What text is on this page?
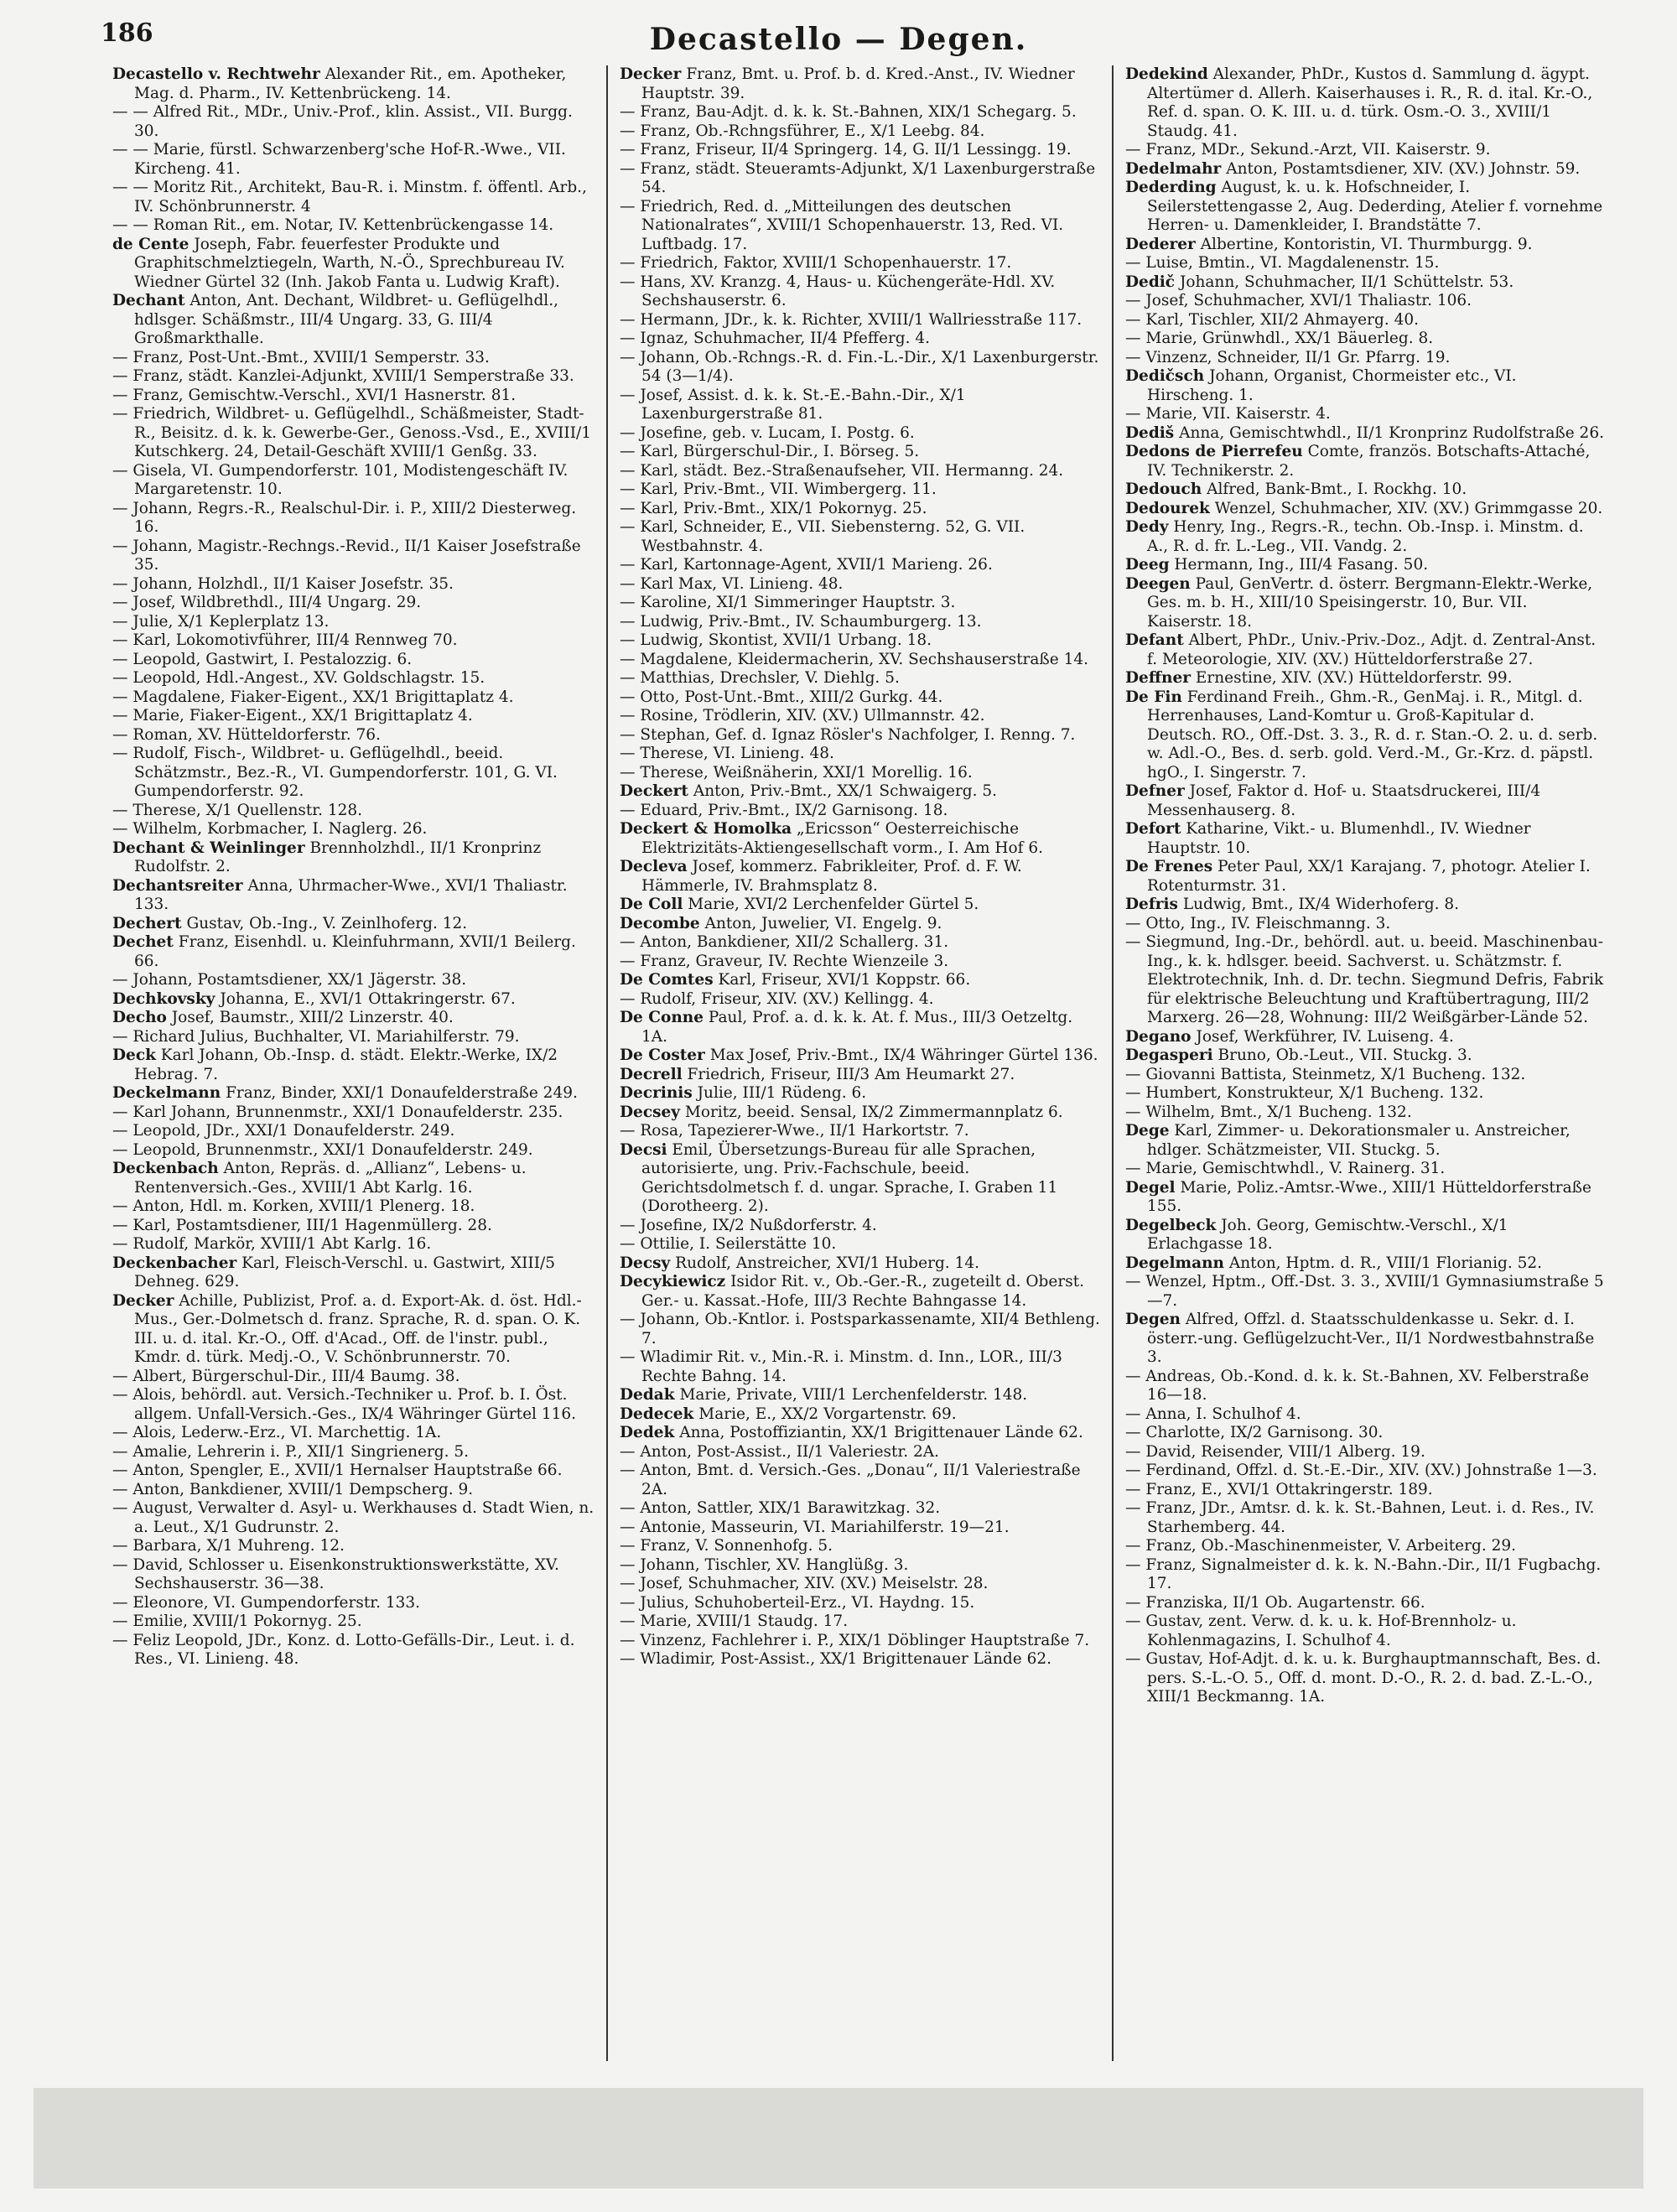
186	Decastello — Degen.

Decastello v. Rechtwehr Alexander Rit., em. Apotheker, Mag. d. Pharm., IV. Kettenbrückeng. 14.

— — Alfred Rit., MDr., Univ.-Prof., klin. Assist., VII. Burgg. 30.

— — Marie, fürstl. Schwarzenberg'sche Hof-R.-Wwe., VII. Kircheng. 41.

— — Moritz Rit., Architekt, Bau-R. i. Minstm. f. öffentl. Arb., IV. Schönbrunnerstr. 4

— — Roman Rit., em. Notar, IV. Kettenbrückengasse 14.

de Cente Joseph, Fabr. feuerfester Produkte und Graphitschmelztiegeln, Warth, N.-Ö., Sprechbureau IV. Wiedner Gürtel 32 (Inh. Jakob Fanta u. Ludwig Kraft).

Dechant Anton, Ant. Dechant, Wildbret- u. Geflügelhdl., hdlsger. Schäßmstr., III/4 Ungarg. 33, G. III/4 Großmarkthalle.

— Franz, Post-Unt.-Bmt., XVIII/1 Semperstr. 33.

— Franz, städt. Kanzlei-Adjunkt, XVIII/1 Semperstraße 33.

— Franz, Gemischtw.-Verschl., XVI/1 Hasnerstr. 81.

— Friedrich, Wildbret- u. Geflügelhdl., Schäßmeister, Stadt-R., Beisitz. d. k. k. Gewerbe-Ger., Genoss.-Vsd., E., XVIII/1 Kutschkerg. 24, Detail-Geschäft XVIII/1 Genßg. 33.

— Gisela, VI. Gumpendorferstr. 101, Modistengeschäft IV. Margaretenstr. 10.

— Johann, Regrs.-R., Realschul-Dir. i. P., XIII/2 Diesterweg. 16.

— Johann, Magistr.-Rechngs.-Revid., II/1 Kaiser Josefstraße 35.

— Johann, Holzhdl., II/1 Kaiser Josefstr. 35.

— Josef, Wildbrethdl., III/4 Ungarg. 29.

— Julie, X/1 Keplerplatz 13.

— Karl, Lokomotivführer, III/4 Rennweg 70.

— Leopold, Gastwirt, I. Pestalozzig. 6.

— Leopold, Hdl.-Angest., XV. Goldschlagstr. 15.

— Magdalene, Fiaker-Eigent., XX/1 Brigittaplatz 4.

— Marie, Fiaker-Eigent., XX/1 Brigittaplatz 4.

— Roman, XV. Hütteldorferstr. 76.

— Rudolf, Fisch-, Wildbret- u. Geflügelhdl., beeid. Schätzmstr., Bez.-R., VI. Gumpendorferstr. 101, G. VI. Gumpendorferstr. 92.

— Therese, X/1 Quellenstr. 128.

— Wilhelm, Korbmacher, I. Naglerg. 26.

Dechant & Weinlinger Brennholzhdl., II/1 Kronprinz Rudolfstr. 2.

Dechantsreiter Anna, Uhrmacher-Wwe., XVI/1 Thaliastr. 133.

Dechert Gustav, Ob.-Ing., V. Zeinlhoferg. 12.

Dechet Franz, Eisenhdl. u. Kleinfuhrmann, XVII/1 Beilerg. 66.

— Johann, Postamtsdiener, XX/1 Jägerstr. 38.

Dechkovsky Johanna, E., XVI/1 Ottakringerstr. 67.

Decho Josef, Baumstr., XIII/2 Linzerstr. 40.

— Richard Julius, Buchhalter, VI. Mariahilferstr. 79.

Deck Karl Johann, Ob.-Insp. d. städt. Elektr.-Werke, IX/2 Hebrag. 7.

Deckelmann Franz, Binder, XXI/1 Donaufelderstraße 249.

— Karl Johann, Brunnenmstr., XXI/1 Donaufelderstr. 235.

— Leopold, JDr., XXI/1 Donaufelderstr. 249.

— Leopold, Brunnenmstr., XXI/1 Donaufelderstr. 249.

Deckenbach Anton, Repräs. d. „Allianz“, Lebens- u. Rentenversich.-Ges., XVIII/1 Abt Karlg. 16.

— Anton, Hdl. m. Korken, XVIII/1 Plenerg. 18.

— Karl, Postamtsdiener, III/1 Hagenmüllerg. 28.

— Rudolf, Markör, XVIII/1 Abt Karlg. 16.

Deckenbacher Karl, Fleisch-Verschl. u. Gastwirt, XIII/5 Dehneg. 629.

Decker Achille, Publizist, Prof. a. d. Export-Ak. d. öst. Hdl.-Mus., Ger.-Dolmetsch d. franz. Sprache, R. d. span. O. K. III. u. d. ital. Kr.-O., Off. d'Acad., Off. de l'instr. publ., Kmdr. d. türk. Medj.-O., V. Schönbrunnerstr. 70.

— Albert, Bürgerschul-Dir., III/4 Baumg. 38.

— Alois, behördl. aut. Versich.-Techniker u. Prof. b. I. Öst. allgem. Unfall-Versich.-Ges., IX/4 Währinger Gürtel 116.

— Alois, Lederw.-Erz., VI. Marchettig. 1A.

— Amalie, Lehrerin i. P., XII/1 Singrienerg. 5.

— Anton, Spengler, E., XVII/1 Hernalser Hauptstraße 66.

— Anton, Bankdiener, XVIII/1 Dempscherg. 9.

— August, Verwalter d. Asyl- u. Werkhauses d. Stadt Wien, n. a. Leut., X/1 Gudrunstr. 2.

— Barbara, X/1 Muhreng. 12.

— David, Schlosser u. Eisenkonstruktionswerkstätte, XV. Sechshauserstr. 36—38.

— Eleonore, VI. Gumpendorferstr. 133.

— Emilie, XVIII/1 Pokornyg. 25.

— Feliz Leopold, JDr., Konz. d. Lotto-Gefälls-Dir., Leut. i. d. Res., VI. Linieng. 48.

Decker Franz, Bmt. u. Prof. b. d. Kred.-Anst., IV. Wiedner Hauptstr. 39.

— Franz, Bau-Adjt. d. k. k. St.-Bahnen, XIX/1 Schegarg. 5.

— Franz, Ob.-Rchngsführer, E., X/1 Leebg. 84.

— Franz, Friseur, II/4 Springerg. 14, G. II/1 Lessingg. 19.

— Franz, städt. Steueramts-Adjunkt, X/1 Laxenburgerstraße 54.

— Friedrich, Red. d. „Mitteilungen des deutschen Nationalrates“, XVIII/1 Schopenhauerstr. 13, Red. VI. Luftbadg. 17.

— Friedrich, Faktor, XVIII/1 Schopenhauerstr. 17.

— Hans, XV. Kranzg. 4, Haus- u. Küchengeräte-Hdl. XV. Sechshauserstr. 6.

— Hermann, JDr., k. k. Richter, XVIII/1 Wallriesstraße 117.

— Ignaz, Schuhmacher, II/4 Pfefferg. 4.

— Johann, Ob.-Rchngs.-R. d. Fin.-L.-Dir., X/1 Laxenburgerstr. 54 (3—1/4).

— Josef, Assist. d. k. k. St.-E.-Bahn.-Dir., X/1 Laxenburgerstraße 81.

— Josefine, geb. v. Lucam, I. Postg. 6.

— Karl, Bürgerschul-Dir., I. Börseg. 5.

— Karl, städt. Bez.-Straßenaufseher, VII. Hermanng. 24.

— Karl, Priv.-Bmt., VII. Wimbergerg. 11.

— Karl, Priv.-Bmt., XIX/1 Pokornyg. 25.

— Karl, Schneider, E., VII. Siebensterng. 52, G. VII. Westbahnstr. 4.

— Karl, Kartonnage-Agent, XVII/1 Marieng. 26.

— Karl Max, VI. Linieng. 48.

— Karoline, XI/1 Simmeringer Hauptstr. 3.

— Ludwig, Priv.-Bmt., IV. Schaumburgerg. 13.

— Ludwig, Skontist, XVII/1 Urbang. 18.

— Magdalene, Kleidermacherin, XV. Sechshauserstraße 14.

— Matthias, Drechsler, V. Diehlg. 5.

— Otto, Post-Unt.-Bmt., XIII/2 Gurkg. 44.

— Rosine, Trödlerin, XIV. (XV.) Ullmannstr. 42.

— Stephan, Gef. d. Ignaz Rösler's Nachfolger, I. Renng. 7.

— Therese, VI. Linieng. 48.

— Therese, Weißnäherin, XXI/1 Morellig. 16.

Deckert Anton, Priv.-Bmt., XX/1 Schwaigerg. 5.

— Eduard, Priv.-Bmt., IX/2 Garnisong. 18.

Deckert & Homolka „Ericsson“ Oesterreichische Elektrizitäts-Aktiengesellschaft vorm., I. Am Hof 6.

Decleva Josef, kommerz. Fabrikleiter, Prof. d. F. W. Hämmerle, IV. Brahmsplatz 8.

De Coll Marie, XVI/2 Lerchenfelder Gürtel 5.

Decombe Anton, Juwelier, VI. Engelg. 9.

— Anton, Bankdiener, XII/2 Schallerg. 31.

— Franz, Graveur, IV. Rechte Wienzeile 3.

De Comtes Karl, Friseur, XVI/1 Koppstr. 66.

— Rudolf, Friseur, XIV. (XV.) Kellingg. 4.

De Conne Paul, Prof. a. d. k. k. At. f. Mus., III/3 Oetzeltg. 1A.

De Coster Max Josef, Priv.-Bmt., IX/4 Währinger Gürtel 136.

Decrell Friedrich, Friseur, III/3 Am Heumarkt 27.

Decrinis Julie, III/1 Rüdeng. 6.

Decsey Moritz, beeid. Sensal, IX/2 Zimmermannplatz 6.

— Rosa, Tapezierer-Wwe., II/1 Harkortstr. 7.

Decsi Emil, Übersetzungs-Bureau für alle Sprachen, autorisierte, ung. Priv.-Fachschule, beeid. Gerichtsdolmetsch f. d. ungar. Sprache, I. Graben 11 (Dorotheerg. 2).

— Josefine, IX/2 Nußdorferstr. 4.

— Ottilie, I. Seilerstätte 10.

Decsy Rudolf, Anstreicher, XVI/1 Huberg. 14.

Decykiewicz Isidor Rit. v., Ob.-Ger.-R., zugeteilt d. Oberst. Ger.- u. Kassat.-Hofe, III/3 Rechte Bahngasse 14.

— Johann, Ob.-Kntlor. i. Postsparkassenamte, XII/4 Bethleng. 7.

— Wladimir Rit. v., Min.-R. i. Minstm. d. Inn., LOR., III/3 Rechte Bahng. 14.

Dedak Marie, Private, VIII/1 Lerchenfelderstr. 148.

Dedecek Marie, E., XX/2 Vorgartenstr. 69.

Dedek Anna, Postoffiziantin, XX/1 Brigittenauer Lände 62.

— Anton, Post-Assist., II/1 Valeriestr. 2A.

— Anton, Bmt. d. Versich.-Ges. „Donau“, II/1 Valeriestraße 2A.

— Anton, Sattler, XIX/1 Barawitzkag. 32.

— Antonie, Masseurin, VI. Mariahilferstr. 19—21.

— Franz, V. Sonnenhofg. 5.

— Johann, Tischler, XV. Hanglüßg. 3.

— Josef, Schuhmacher, XIV. (XV.) Meiselstr. 28.

— Julius, Schuhoberteil-Erz., VI. Haydng. 15.

— Marie, XVIII/1 Staudg. 17.

— Vinzenz, Fachlehrer i. P., XIX/1 Döblinger Hauptstraße 7.

— Wladimir, Post-Assist., XX/1 Brigittenauer Lände 62.

Dedekind Alexander, PhDr., Kustos d. Sammlung d. ägypt. Altertümer d. Allerh. Kaiserhauses i. R., R. d. ital. Kr.-O., Ref. d. span. O. K. III. u. d. türk. Osm.-O. 3., XVIII/1 Staudg. 41.

— Franz, MDr., Sekund.-Arzt, VII. Kaiserstr. 9.

Dedelmahr Anton, Postamtsdiener, XIV. (XV.) Johnstr. 59.

Dederding August, k. u. k. Hofschneider, I. Seilerstettengasse 2, Aug. Dederding, Atelier f. vornehme Herren- u. Damenkleider, I. Brandstätte 7.

Dederer Albertine, Kontoristin, VI. Thurmburgg. 9.

— Luise, Bmtin., VI. Magdalenenstr. 15.

Dedič Johann, Schuhmacher, II/1 Schüttelstr. 53.

— Josef, Schuhmacher, XVI/1 Thaliastr. 106.

— Karl, Tischler, XII/2 Ahmayerg. 40.

— Marie, Grünwhdl., XX/1 Bäuerleg. 8.

— Vinzenz, Schneider, II/1 Gr. Pfarrg. 19.

Dedičsch Johann, Organist, Chormeister etc., VI. Hirscheng. 1.

— Marie, VII. Kaiserstr. 4.

Dediš Anna, Gemischtwhdl., II/1 Kronprinz Rudolfstraße 26.

Dedons de Pierrefeu Comte, französ. Botschafts-Attaché, IV. Technikerstr. 2.

Dedouch Alfred, Bank-Bmt., I. Rockhg. 10.

Dedourek Wenzel, Schuhmacher, XIV. (XV.) Grimmgasse 20.

Dedy Henry, Ing., Regrs.-R., techn. Ob.-Insp. i. Minstm. d. A., R. d. fr. L.-Leg., VII. Vandg. 2.

Deeg Hermann, Ing., III/4 Fasang. 50.

Deegen Paul, GenVertr. d. österr. Bergmann-Elektr.-Werke, Ges. m. b. H., XIII/10 Speisingerstr. 10, Bur. VII. Kaiserstr. 18.

Defant Albert, PhDr., Univ.-Priv.-Doz., Adjt. d. Zentral-Anst. f. Meteorologie, XIV. (XV.) Hütteldorferstraße 27.

Deffner Ernestine, XIV. (XV.) Hütteldorferstr. 99.

De Fin Ferdinand Freih., Ghm.-R., GenMaj. i. R., Mitgl. d. Herrenhauses, Land-Komtur u. Groß-Kapitular d. Deutsch. RO., Off.-Dst. 3. 3., R. d. r. Stan.-O. 2. u. d. serb. w. Adl.-O., Bes. d. serb. gold. Verd.-M., Gr.-Krz. d. päpstl. hgO., I. Singerstr. 7.

Defner Josef, Faktor d. Hof- u. Staatsdruckerei, III/4 Messenhauserg. 8.

Defort Katharine, Vikt.- u. Blumenhdl., IV. Wiedner Hauptstr. 10.

De Frenes Peter Paul, XX/1 Karajang. 7, photogr. Atelier I. Rotenturmstr. 31.

Defris Ludwig, Bmt., IX/4 Widerhoferg. 8.

— Otto, Ing., IV. Fleischmanng. 3.

— Siegmund, Ing.-Dr., behördl. aut. u. beeid. Maschinenbau-Ing., k. k. hdlsger. beeid. Sachverst. u. Schätzmstr. f. Elektrotechnik, Inh. d. Dr. techn. Siegmund Defris, Fabrik für elektrische Beleuchtung und Kraftübertragung, III/2 Marxerg. 26—28, Wohnung: III/2 Weißgärber-Lände 52.

Degano Josef, Werkführer, IV. Luiseng. 4.

Degasperi Bruno, Ob.-Leut., VII. Stuckg. 3.

— Giovanni Battista, Steinmetz, X/1 Bucheng. 132.

— Humbert, Konstrukteur, X/1 Bucheng. 132.

— Wilhelm, Bmt., X/1 Bucheng. 132.

Dege Karl, Zimmer- u. Dekorationsmaler u. Anstreicher, hdlger. Schätzmeister, VII. Stuckg. 5.

— Marie, Gemischtwhdl., V. Rainerg. 31.

Degel Marie, Poliz.-Amtsr.-Wwe., XIII/1 Hütteldorferstraße 155.

Degelbeck Joh. Georg, Gemischtw.-Verschl., X/1 Erlachgasse 18.

Degelmann Anton, Hptm. d. R., VIII/1 Florianig. 52.

— Wenzel, Hptm., Off.-Dst. 3. 3., XVIII/1 Gymnasiumstraße 5—7.

Degen Alfred, Offzl. d. Staatsschuldenkasse u. Sekr. d. I. österr.-ung. Geflügelzucht-Ver., II/1 Nordwestbahnstraße 3.

— Andreas, Ob.-Kond. d. k. k. St.-Bahnen, XV. Felberstraße 16—18.

— Anna, I. Schulhof 4.

— Charlotte, IX/2 Garnisong. 30.

— David, Reisender, VIII/1 Alberg. 19.

— Ferdinand, Offzl. d. St.-E.-Dir., XIV. (XV.) Johnstraße 1—3.

— Franz, E., XVI/1 Ottakringerstr. 189.

— Franz, JDr., Amtsr. d. k. k. St.-Bahnen, Leut. i. d. Res., IV. Starhemberg. 44.

— Franz, Ob.-Maschinenmeister, V. Arbeiterg. 29.

— Franz, Signalmeister d. k. k. N.-Bahn.-Dir., II/1 Fugbachg. 17.

— Franziska, II/1 Ob. Augartenstr. 66.

— Gustav, zent. Verw. d. k. u. k. Hof-Brennholz- u. Kohlenmagazins, I. Schulhof 4.

— Gustav, Hof-Adjt. d. k. u. k. Burghauptmannschaft, Bes. d. pers. S.-L.-O. 5., Off. d. mont. D.-O., R. 2. d. bad. Z.-L.-O., XIII/1 Beckmanng. 1A.
